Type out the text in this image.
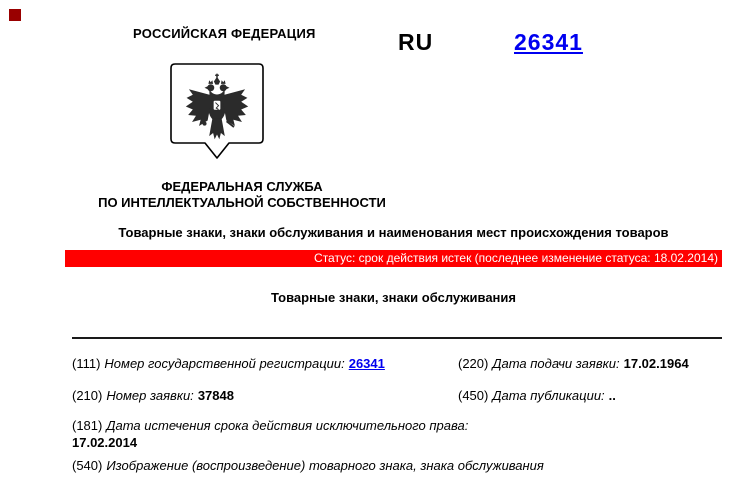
РОССИЙСКАЯ ФЕДЕРАЦИЯ	RU	26341
ФЕДЕРАЛЬНАЯ СЛУЖБА
ПО ИНТЕЛЛЕКТУАЛЬНОЙ СОБСТВЕННОСТИ
Товарные знаки, знаки обслуживания и наименования мест происхождения товаров
Статус: срок действия истек (последнее изменение статуса: 18.02.2014)
Товарные знаки, знаки обслуживания
(111) Номер государственной регистрации: 26341	(220) Дата подачи заявки: 17.02.1964
(210) Номер заявки: 37848	(450) Дата публикации: ..
(181) Дата истечения срока действия исключительного права:
17.02.2014
(540) Изображение (воспроизведение) товарного знака, знака обслуживания
